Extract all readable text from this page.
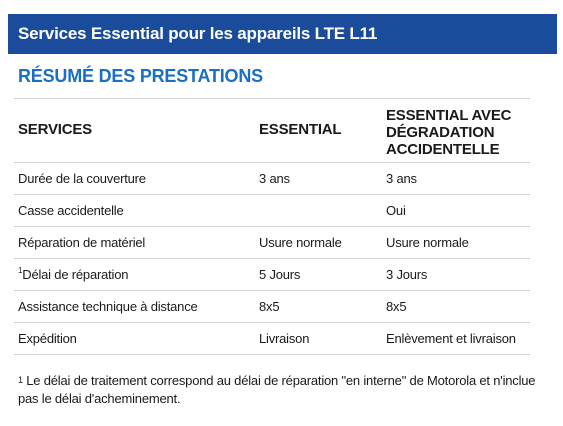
Services Essential pour les appareils LTE L11
RÉSUMÉ DES PRESTATIONS
SERVICES	ESSENTIAL	ESSENTIAL AVEC DÉGRADATION ACCIDENTELLE
Durée de la couverture	3 ans	3 ans
Casse accidentelle		Oui
Réparation de matériel	Usure normale	Usure normale
$^1$Délai de réparation	5 Jours	3 Jours
Assistance technique à distance	8x5	8x5
Expédition	Livraison	Enlèvement et livraison
$^1$ Le délai de traitement correspond au délai de réparation "en interne" de Motorola et n'inclue pas le délai d'acheminement.
